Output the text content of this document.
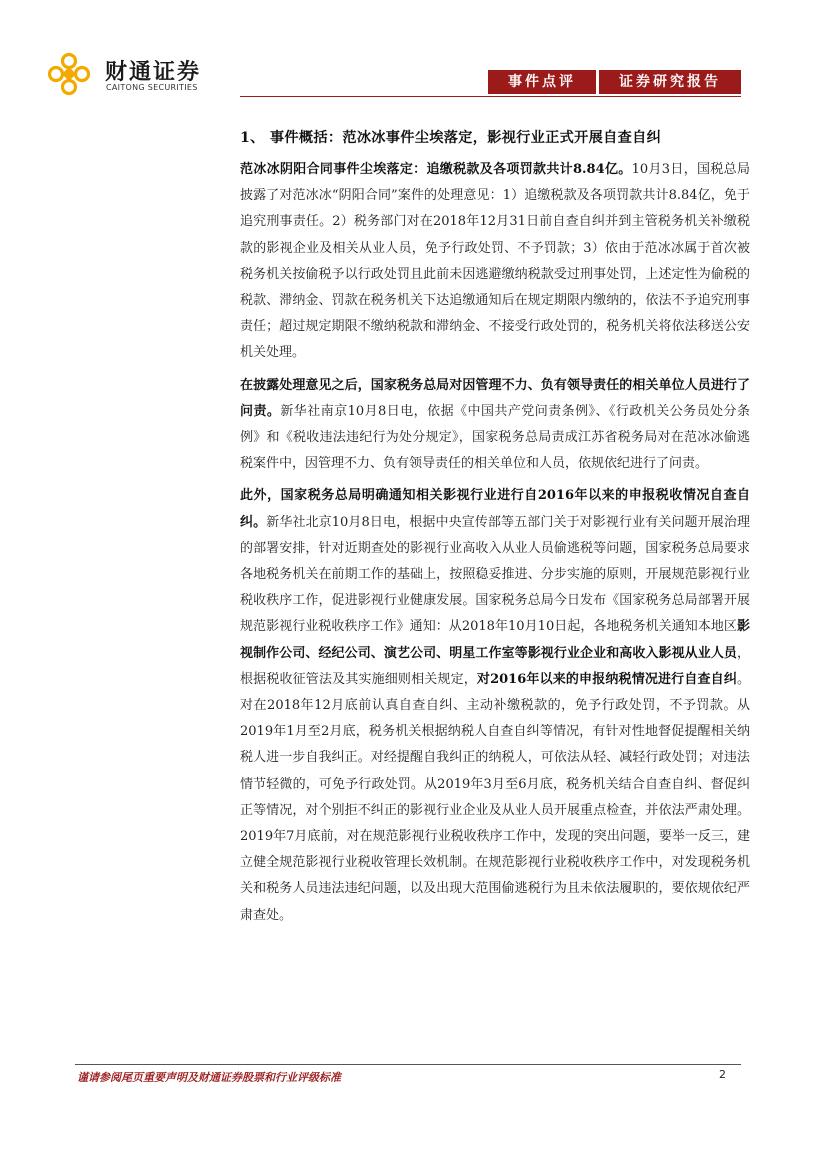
财通证券
CAITONG SECURITIES	事件点评	证券研究报告
1、 事件概括：范冰冰事件尘埃落定，影视行业正式开展自查自纠

范冰冰阴阳合同事件尘埃落定：追缴税款及各项罚款共计8.84亿。10月3日，国税总局披露了对范冰冰“阴阳合同”案件的处理意见：1）追缴税款及各项罚款共计8.84亿，免于追究刑事责任。2）税务部门对在2018年12月31日前自查自纠并到主管税务机关补缴税款的影视企业及相关从业人员，免予行政处罚、不予罚款；3）依由于范冰冰属于首次被税务机关按偷税予以行政处罚且此前未因逃避缴纳税款受过刑事处罚，上述定性为偷税的税款、滞纳金、罚款在税务机关下达追缴通知后在规定期限内缴纳的，依法不予追究刑事责任；超过规定期限不缴纳税款和滞纳金、不接受行政处罚的，税务机关将依法移送公安机关处理。

在披露处理意见之后，国家税务总局对因管理不力、负有领导责任的相关单位人员进行了问责。新华社南京10月8日电，依据《中国共产党问责条例》、《行政机关公务员处分条例》和《税收违法违纪行为处分规定》，国家税务总局责成江苏省税务局对在范冰冰偷逃税案件中，因管理不力、负有领导责任的相关单位和人员，依规依纪进行了问责。

此外，国家税务总局明确通知相关影视行业进行自2016年以来的申报税收情况自查自纠。新华社北京10月8日电，根据中央宣传部等五部门关于对影视行业有关问题开展治理的部署安排，针对近期查处的影视行业高收入从业人员偷逃税等问题，国家税务总局要求各地税务机关在前期工作的基础上，按照稳妥推进、分步实施的原则，开展规范影视行业税收秩序工作，促进影视行业健康发展。国家税务总局今日发布《国家税务总局部署开展规范影视行业税收秩序工作》通知：从2018年10月10日起，各地税务机关通知本地区影视制作公司、经纪公司、演艺公司、明星工作室等影视行业企业和高收入影视从业人员，根据税收征管法及其实施细则相关规定，对2016年以来的申报纳税情况进行自查自纠。对在2018年12月底前认真自查自纠、主动补缴税款的，免予行政处罚，不予罚款。从2019年1月至2月底，税务机关根据纳税人自查自纠等情况，有针对性地督促提醒相关纳税人进一步自我纠正。对经提醒自我纠正的纳税人，可依法从轻、减轻行政处罚；对违法情节轻微的，可免予行政处罚。从2019年3月至6月底，税务机关结合自查自纠、督促纠正等情况，对个别拒不纠正的影视行业企业及从业人员开展重点检查，并依法严肃处理。2019年7月底前，对在规范影视行业税收秩序工作中，发现的突出问题，要举一反三，建立健全规范影视行业税收管理长效机制。在规范影视行业税收秩序工作中，对发现税务机关和税务人员违法违纪问题，以及出现大范围偷逃税行为且未依法履职的，要依规依纪严肃查处。

谨请参阅尾页重要声明及财通证券股票和行业评级标准	2
